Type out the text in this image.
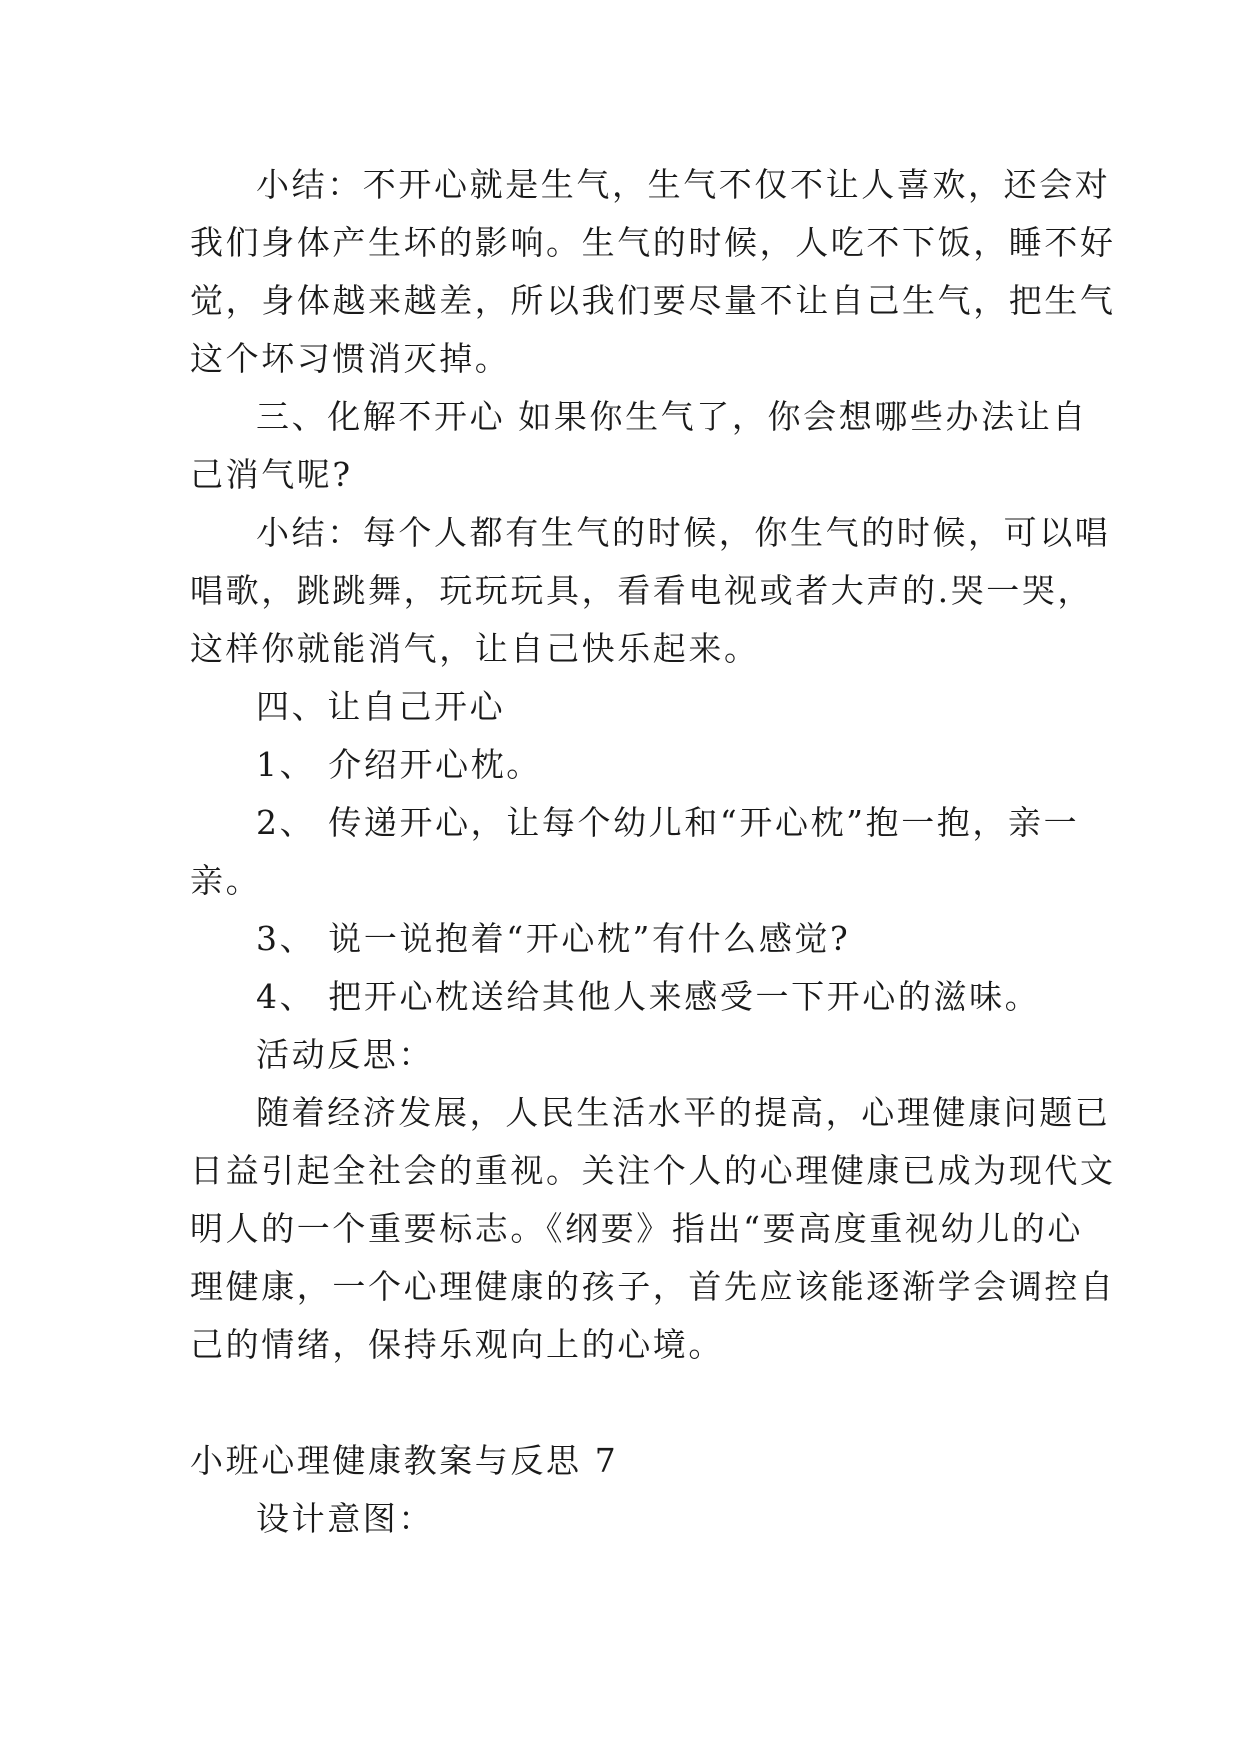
小结：不开心就是生气，生气不仅不让人喜欢，还会对
我们身体产生坏的影响。生气的时候，人吃不下饭，睡不好
觉，身体越来越差，所以我们要尽量不让自己生气，把生气
这个坏习惯消灭掉。
三、化解不开心 如果你生气了，你会想哪些办法让自
己消气呢?
小结：每个人都有生气的时候，你生气的时候，可以唱
唱歌，跳跳舞，玩玩玩具，看看电视或者大声的.哭一哭，
这样你就能消气，让自己快乐起来。
四、让自己开心
1、 介绍开心枕。
2、 传递开心，让每个幼儿和“开心枕”抱一抱，亲一
亲。
3、 说一说抱着“开心枕”有什么感觉?
4、 把开心枕送给其他人来感受一下开心的滋味。
活动反思：
随着经济发展，人民生活水平的提高，心理健康问题已
日益引起全社会的重视。关注个人的心理健康已成为现代文
明人的一个重要标志。《纲要》指出“要高度重视幼儿的心
理健康，一个心理健康的孩子，首先应该能逐渐学会调控自
己的情绪，保持乐观向上的心境。
小班心理健康教案与反思 7
设计意图：
